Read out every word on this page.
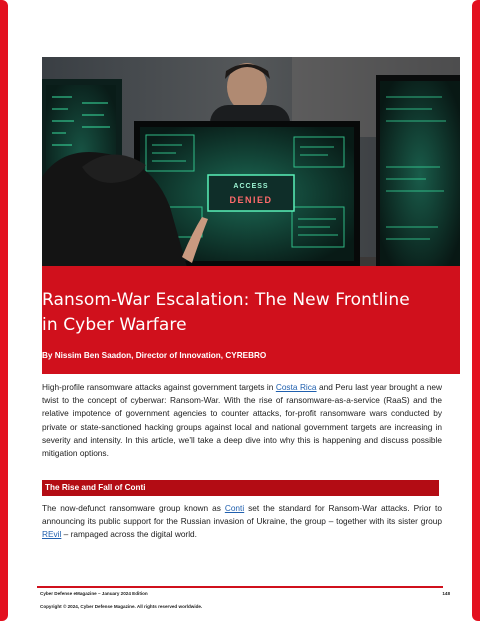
ACCESS
DENIED
Ransom-War Escalation: The New Frontline
in Cyber Warfare
By Nissim Ben Saadon, Director of Innovation, CYREBRO

High-profile ransomware attacks against government targets in Costa Rica and Peru last year brought a new twist to the concept of cyberwar: Ransom-War. With the rise of ransomware-as-a-service (RaaS) and the relative impotence of government agencies to counter attacks, for-profit ransomware wars conducted by private or state-sanctioned hacking groups against local and national government targets are increasing in severity and intensity. In this article, we’ll take a deep dive into why this is happening and discuss possible mitigation options.

The Rise and Fall of Conti

The now-defunct ransomware group known as Conti set the standard for Ransom-War attacks. Prior to announcing its public support for the Russian invasion of Ukraine, the group – together with its sister group REvil – rampaged across the digital world.

Cyber Defense eMagazine – January 2024 Edition	148
Copyright © 2024, Cyber Defense Magazine. All rights reserved worldwide.
